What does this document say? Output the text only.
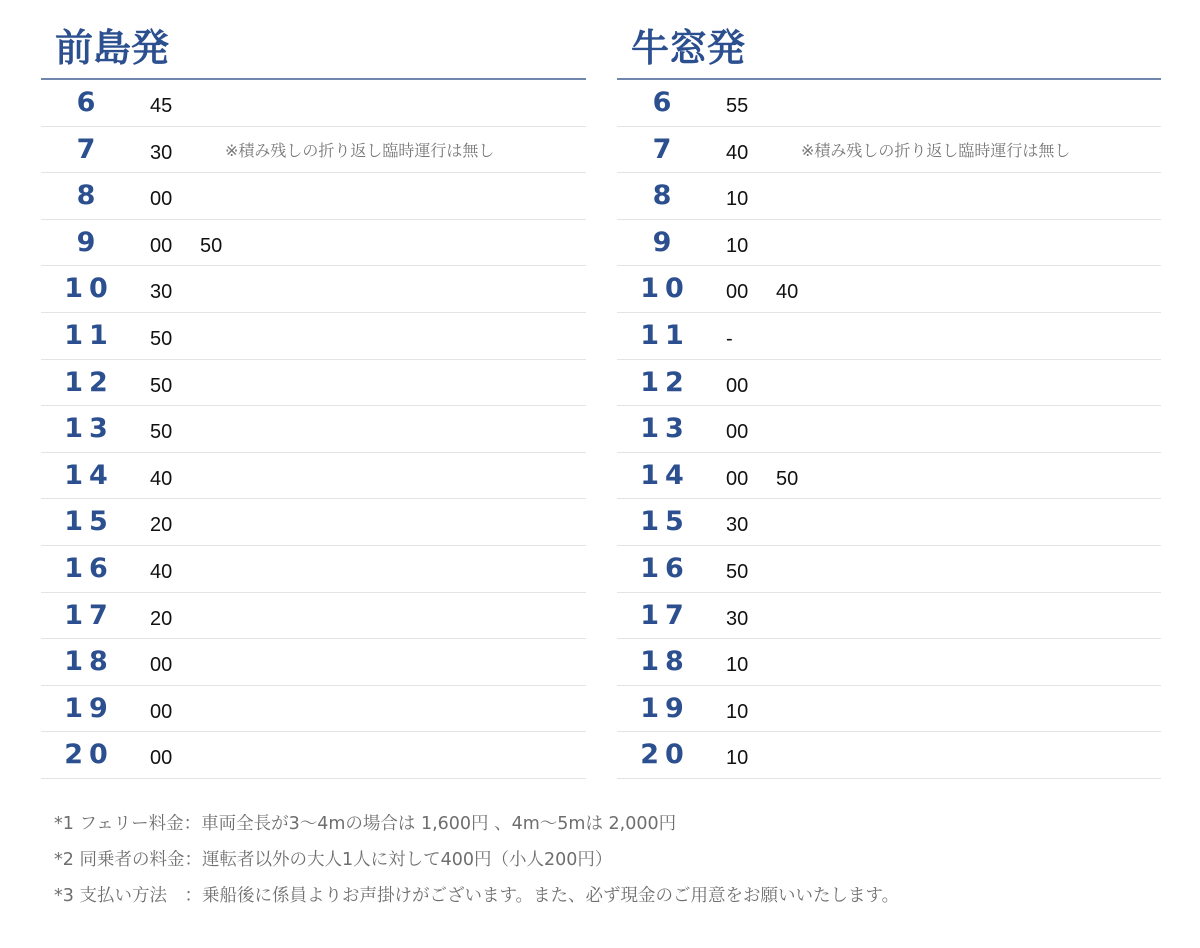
前島発
6	45
7	30	※積み残しの折り返し臨時運行は無し
8	00
9	00 50
10	30
11	50
12	50
13	50
14	40
15	20
16	40
17	20
18	00
19	00
20	00
牛窓発
6	55
7	40	※積み残しの折り返し臨時運行は無し
8	10
9	10
10	00 40
11	-
12	00
13	00
14	00 50
15	30
16	50
17	30
18	10
19	10
20	10
*1 フェリー料金：車両全長が3〜4mの場合は 1,600円 、4m〜5mは 2,000円
*2 同乗者の料金：運転者以外の大人1人に対して400円（小人200円）
*3 支払い方法　：乗船後に係員よりお声掛けがございます。また、必ず現金のご用意をお願いいたします。
